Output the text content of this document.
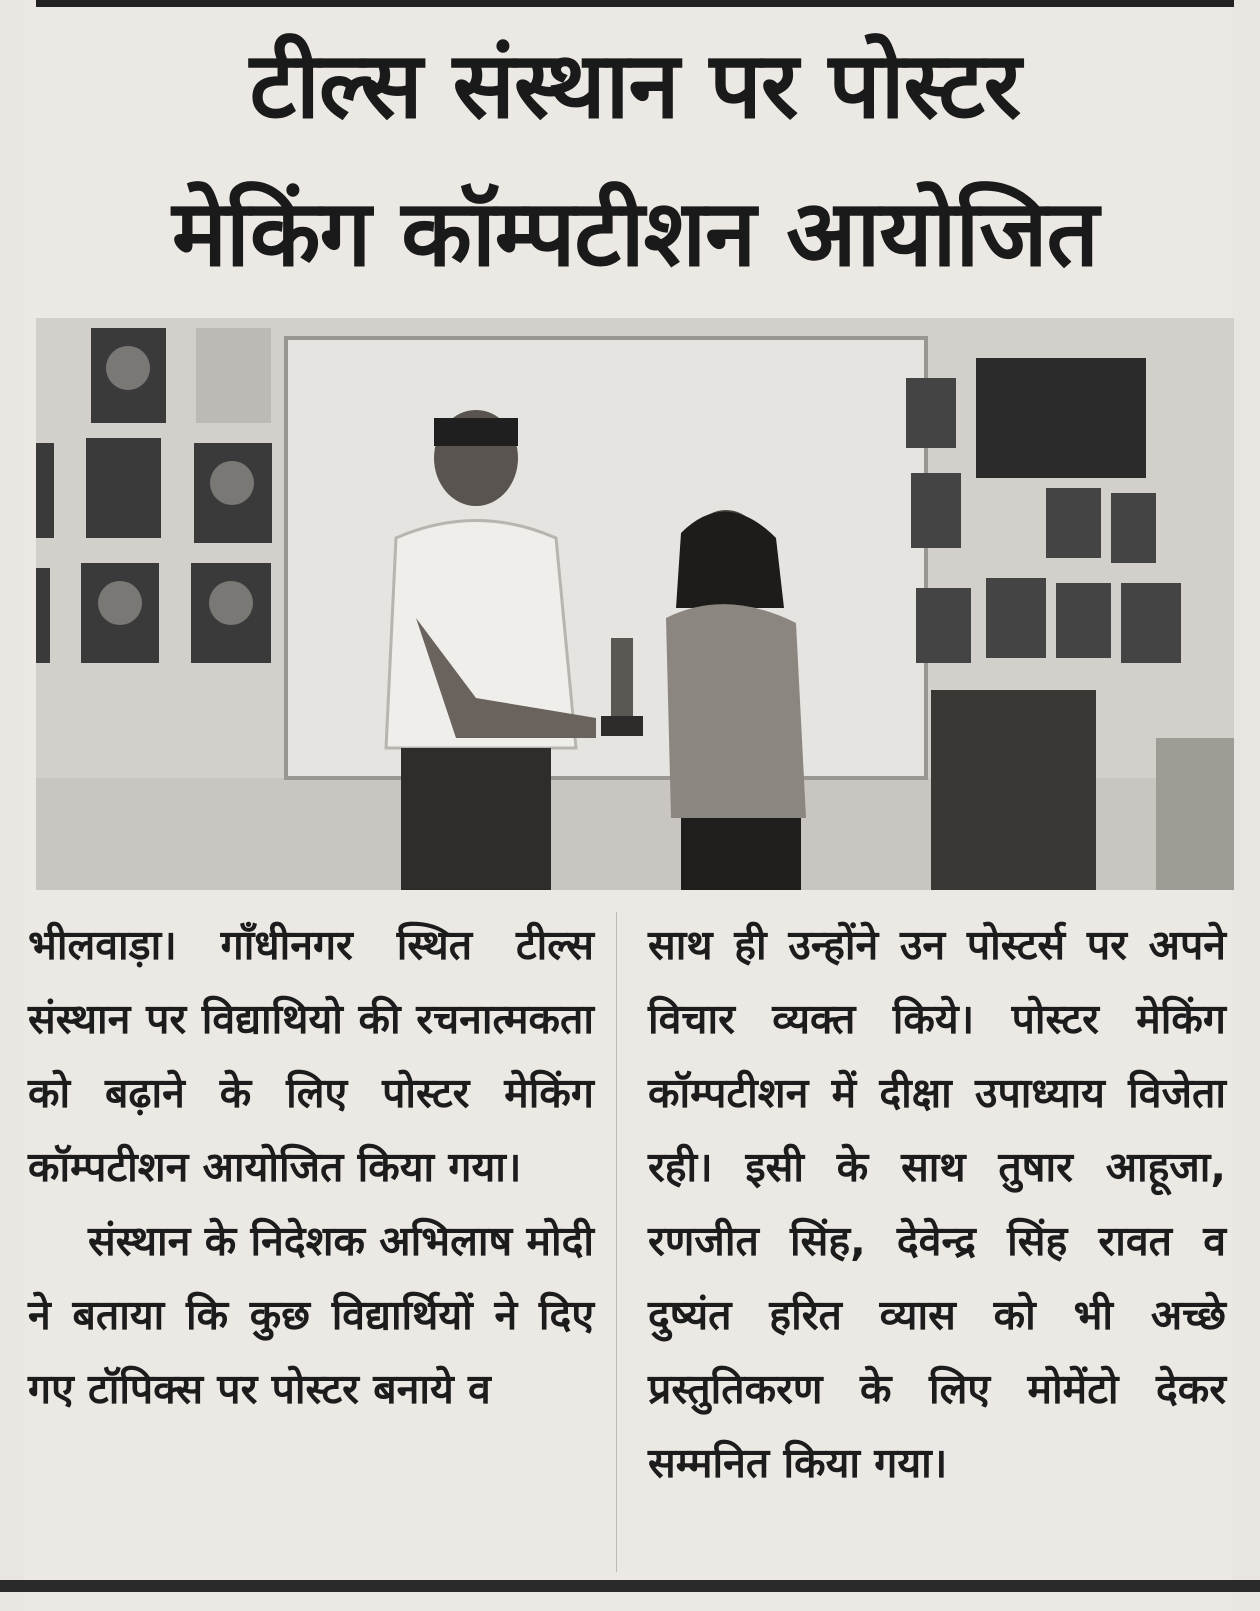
टील्स संस्थान पर पोस्टर
मेकिंग कॉम्पटीशन आयोजित

भीलवाड़ा। गाँधीनगर स्थित टील्स संस्थान पर विद्याथियो की रचनात्मकता को बढ़ाने के लिए पोस्टर मेकिंग कॉम्पटीशन आयोजित किया गया।

संस्थान के निदेशक अभिलाष मोदी ने बताया कि कुछ विद्यार्थियों ने दिए गए टॉपिक्स पर पोस्टर बनाये व

साथ ही उन्होंने उन पोस्टर्स पर अपने विचार व्यक्त किये। पोस्टर मेकिंग कॉम्पटीशन में दीक्षा उपाध्याय विजेता रही। इसी के साथ तुषार आहूजा, रणजीत सिंह, देवेन्द्र सिंह रावत व दुष्यंत हरित व्यास को भी अच्छे प्रस्तुतिकरण के लिए मोमेंटो देकर सम्मनित किया गया।
